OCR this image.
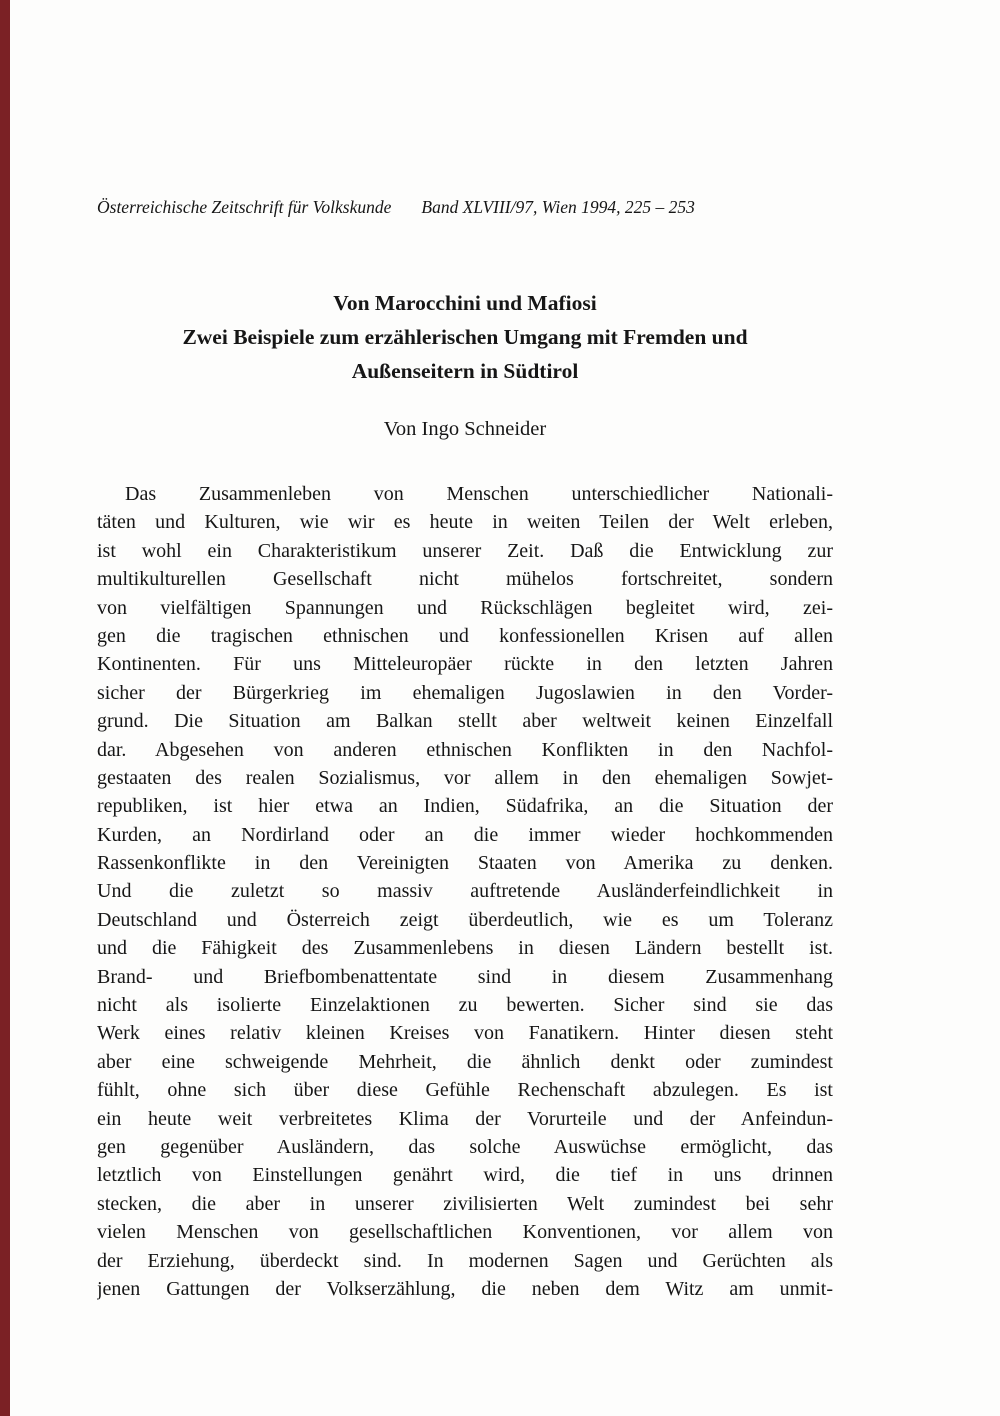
Österreichische Zeitschrift für Volkskunde Band XLVIII/97, Wien 1994, 225 – 253
Von Marocchini und Mafiosi
Zwei Beispiele zum erzählerischen Umgang mit Fremden und
Außenseitern in Südtirol
Von Ingo Schneider
Das Zusammenleben von Menschen unterschiedlicher Nationali-
täten und Kulturen, wie wir es heute in weiten Teilen der Welt erleben,
ist wohl ein Charakteristikum unserer Zeit. Daß die Entwicklung zur
multikulturellen Gesellschaft nicht mühelos fortschreitet, sondern
von vielfältigen Spannungen und Rückschlägen begleitet wird, zei-
gen die tragischen ethnischen und konfessionellen Krisen auf allen
Kontinenten. Für uns Mitteleuropäer rückte in den letzten Jahren
sicher der Bürgerkrieg im ehemaligen Jugoslawien in den Vorder-
grund. Die Situation am Balkan stellt aber weltweit keinen Einzelfall
dar. Abgesehen von anderen ethnischen Konflikten in den Nachfol-
gestaaten des realen Sozialismus, vor allem in den ehemaligen Sowjet-
republiken, ist hier etwa an Indien, Südafrika, an die Situation der
Kurden, an Nordirland oder an die immer wieder hochkommenden
Rassenkonflikte in den Vereinigten Staaten von Amerika zu denken.
Und die zuletzt so massiv auftretende Ausländerfeindlichkeit in
Deutschland und Österreich zeigt überdeutlich, wie es um Toleranz
und die Fähigkeit des Zusammenlebens in diesen Ländern bestellt ist.
Brand- und Briefbombenattentate sind in diesem Zusammenhang
nicht als isolierte Einzelaktionen zu bewerten. Sicher sind sie das
Werk eines relativ kleinen Kreises von Fanatikern. Hinter diesen steht
aber eine schweigende Mehrheit, die ähnlich denkt oder zumindest
fühlt, ohne sich über diese Gefühle Rechenschaft abzulegen. Es ist
ein heute weit verbreitetes Klima der Vorurteile und der Anfeindun-
gen gegenüber Ausländern, das solche Auswüchse ermöglicht, das
letztlich von Einstellungen genährt wird, die tief in uns drinnen
stecken, die aber in unserer zivilisierten Welt zumindest bei sehr
vielen Menschen von gesellschaftlichen Konventionen, vor allem von
der Erziehung, überdeckt sind. In modernen Sagen und Gerüchten als
jenen Gattungen der Volkserzählung, die neben dem Witz am unmit-
